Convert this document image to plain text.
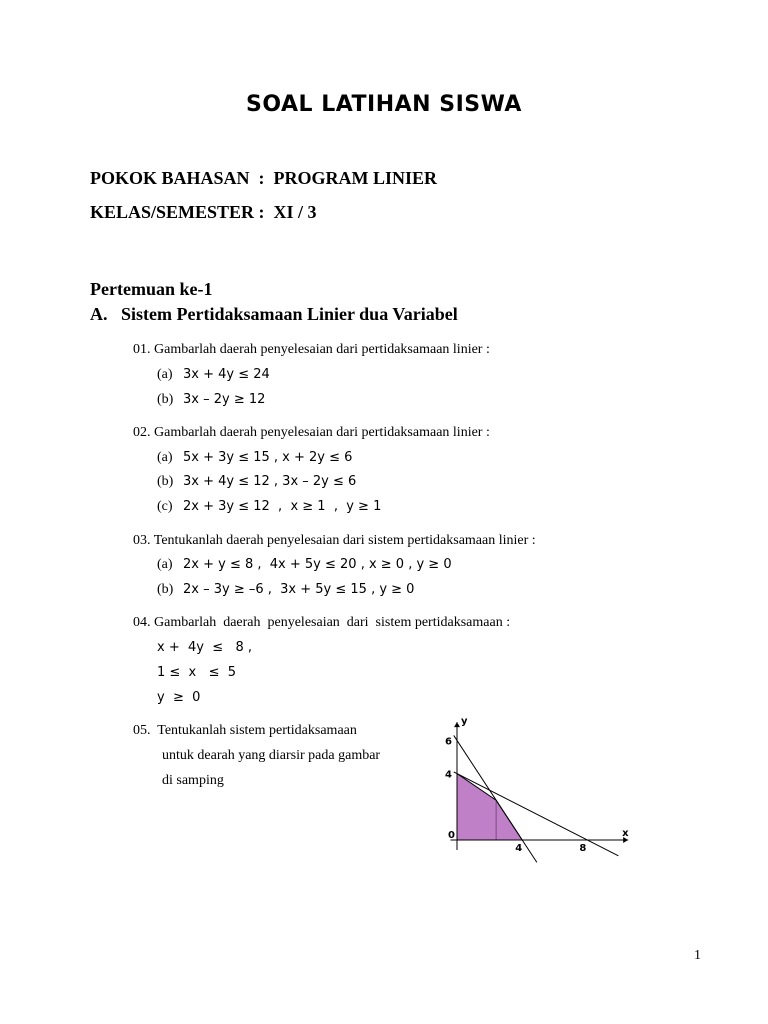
SOAL LATIHAN SISWA
POKOK BAHASAN  :  PROGRAM LINIER
KELAS/SEMESTER :  XI / 3
Pertemuan ke-1
A. Sistem Pertidaksamaan Linier dua Variabel
01. Gambarlah daerah penyelesaian dari pertidaksamaan linier :
(a) 3x + 4y ≤ 24
(b) 3x – 2y ≥ 12
02. Gambarlah daerah penyelesaian dari pertidaksamaan linier :
(a) 5x + 3y ≤ 15 , x + 2y ≤ 6
(b) 3x + 4y ≤ 12 , 3x – 2y ≤ 6
(c) 2x + 3y ≤ 12  ,  x ≥ 1  ,  y ≥ 1
03. Tentukanlah daerah penyelesaian dari sistem pertidaksamaan linier :
(a) 2x + y ≤ 8 ,  4x + 5y ≤ 20 , x ≥ 0 , y ≥ 0
(b) 2x – 3y ≥ –6 ,  3x + 5y ≤ 15 , y ≥ 0
04. Gambarlah  daerah  penyelesaian  dari  sistem pertidaksamaan :
x +  4y  ≤   8 ,
1 ≤  x   ≤  5
y  ≥  0
05.  Tentukanlah sistem pertidaksamaan
untuk dearah yang diarsir pada gambar
di samping
0
4	8
4
6
x
y
1
